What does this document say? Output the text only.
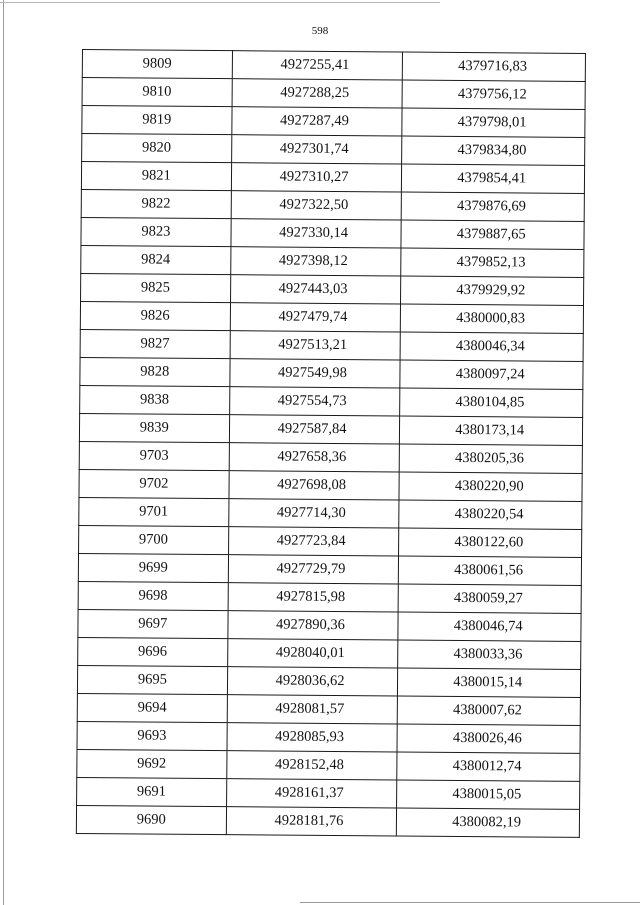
598
9809	4927255,41	4379716,83
9810	4927288,25	4379756,12
9819	4927287,49	4379798,01
9820	4927301,74	4379834,80
9821	4927310,27	4379854,41
9822	4927322,50	4379876,69
9823	4927330,14	4379887,65
9824	4927398,12	4379852,13
9825	4927443,03	4379929,92
9826	4927479,74	4380000,83
9827	4927513,21	4380046,34
9828	4927549,98	4380097,24
9838	4927554,73	4380104,85
9839	4927587,84	4380173,14
9703	4927658,36	4380205,36
9702	4927698,08	4380220,90
9701	4927714,30	4380220,54
9700	4927723,84	4380122,60
9699	4927729,79	4380061,56
9698	4927815,98	4380059,27
9697	4927890,36	4380046,74
9696	4928040,01	4380033,36
9695	4928036,62	4380015,14
9694	4928081,57	4380007,62
9693	4928085,93	4380026,46
9692	4928152,48	4380012,74
9691	4928161,37	4380015,05
9690	4928181,76	4380082,19
